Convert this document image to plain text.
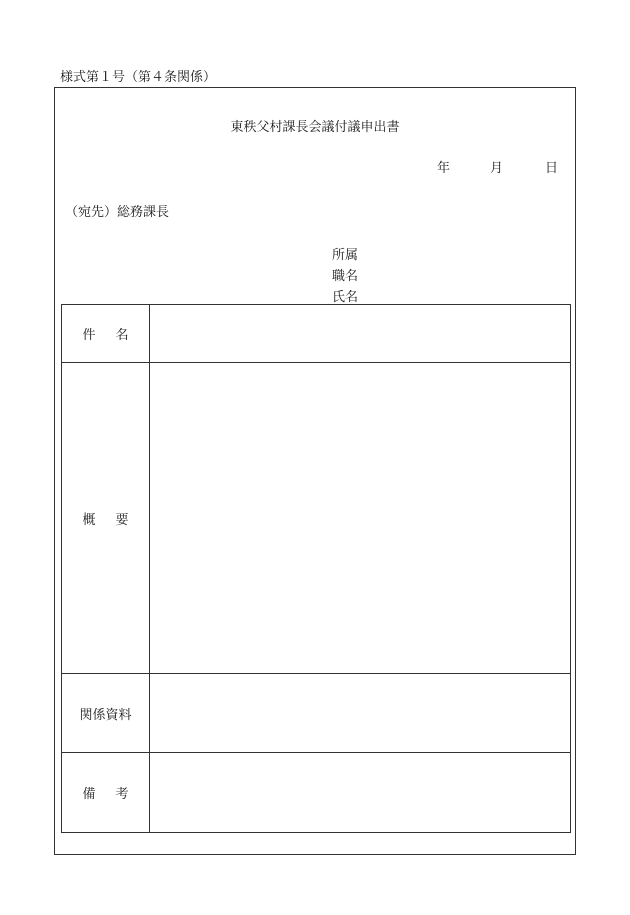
様式第１号（第４条関係）
東秩父村課長会議付議申出書
年	月	日
（宛先）総務課長
所属
職名
氏名
件 名	

概 要	

関係資料	

備 考	
